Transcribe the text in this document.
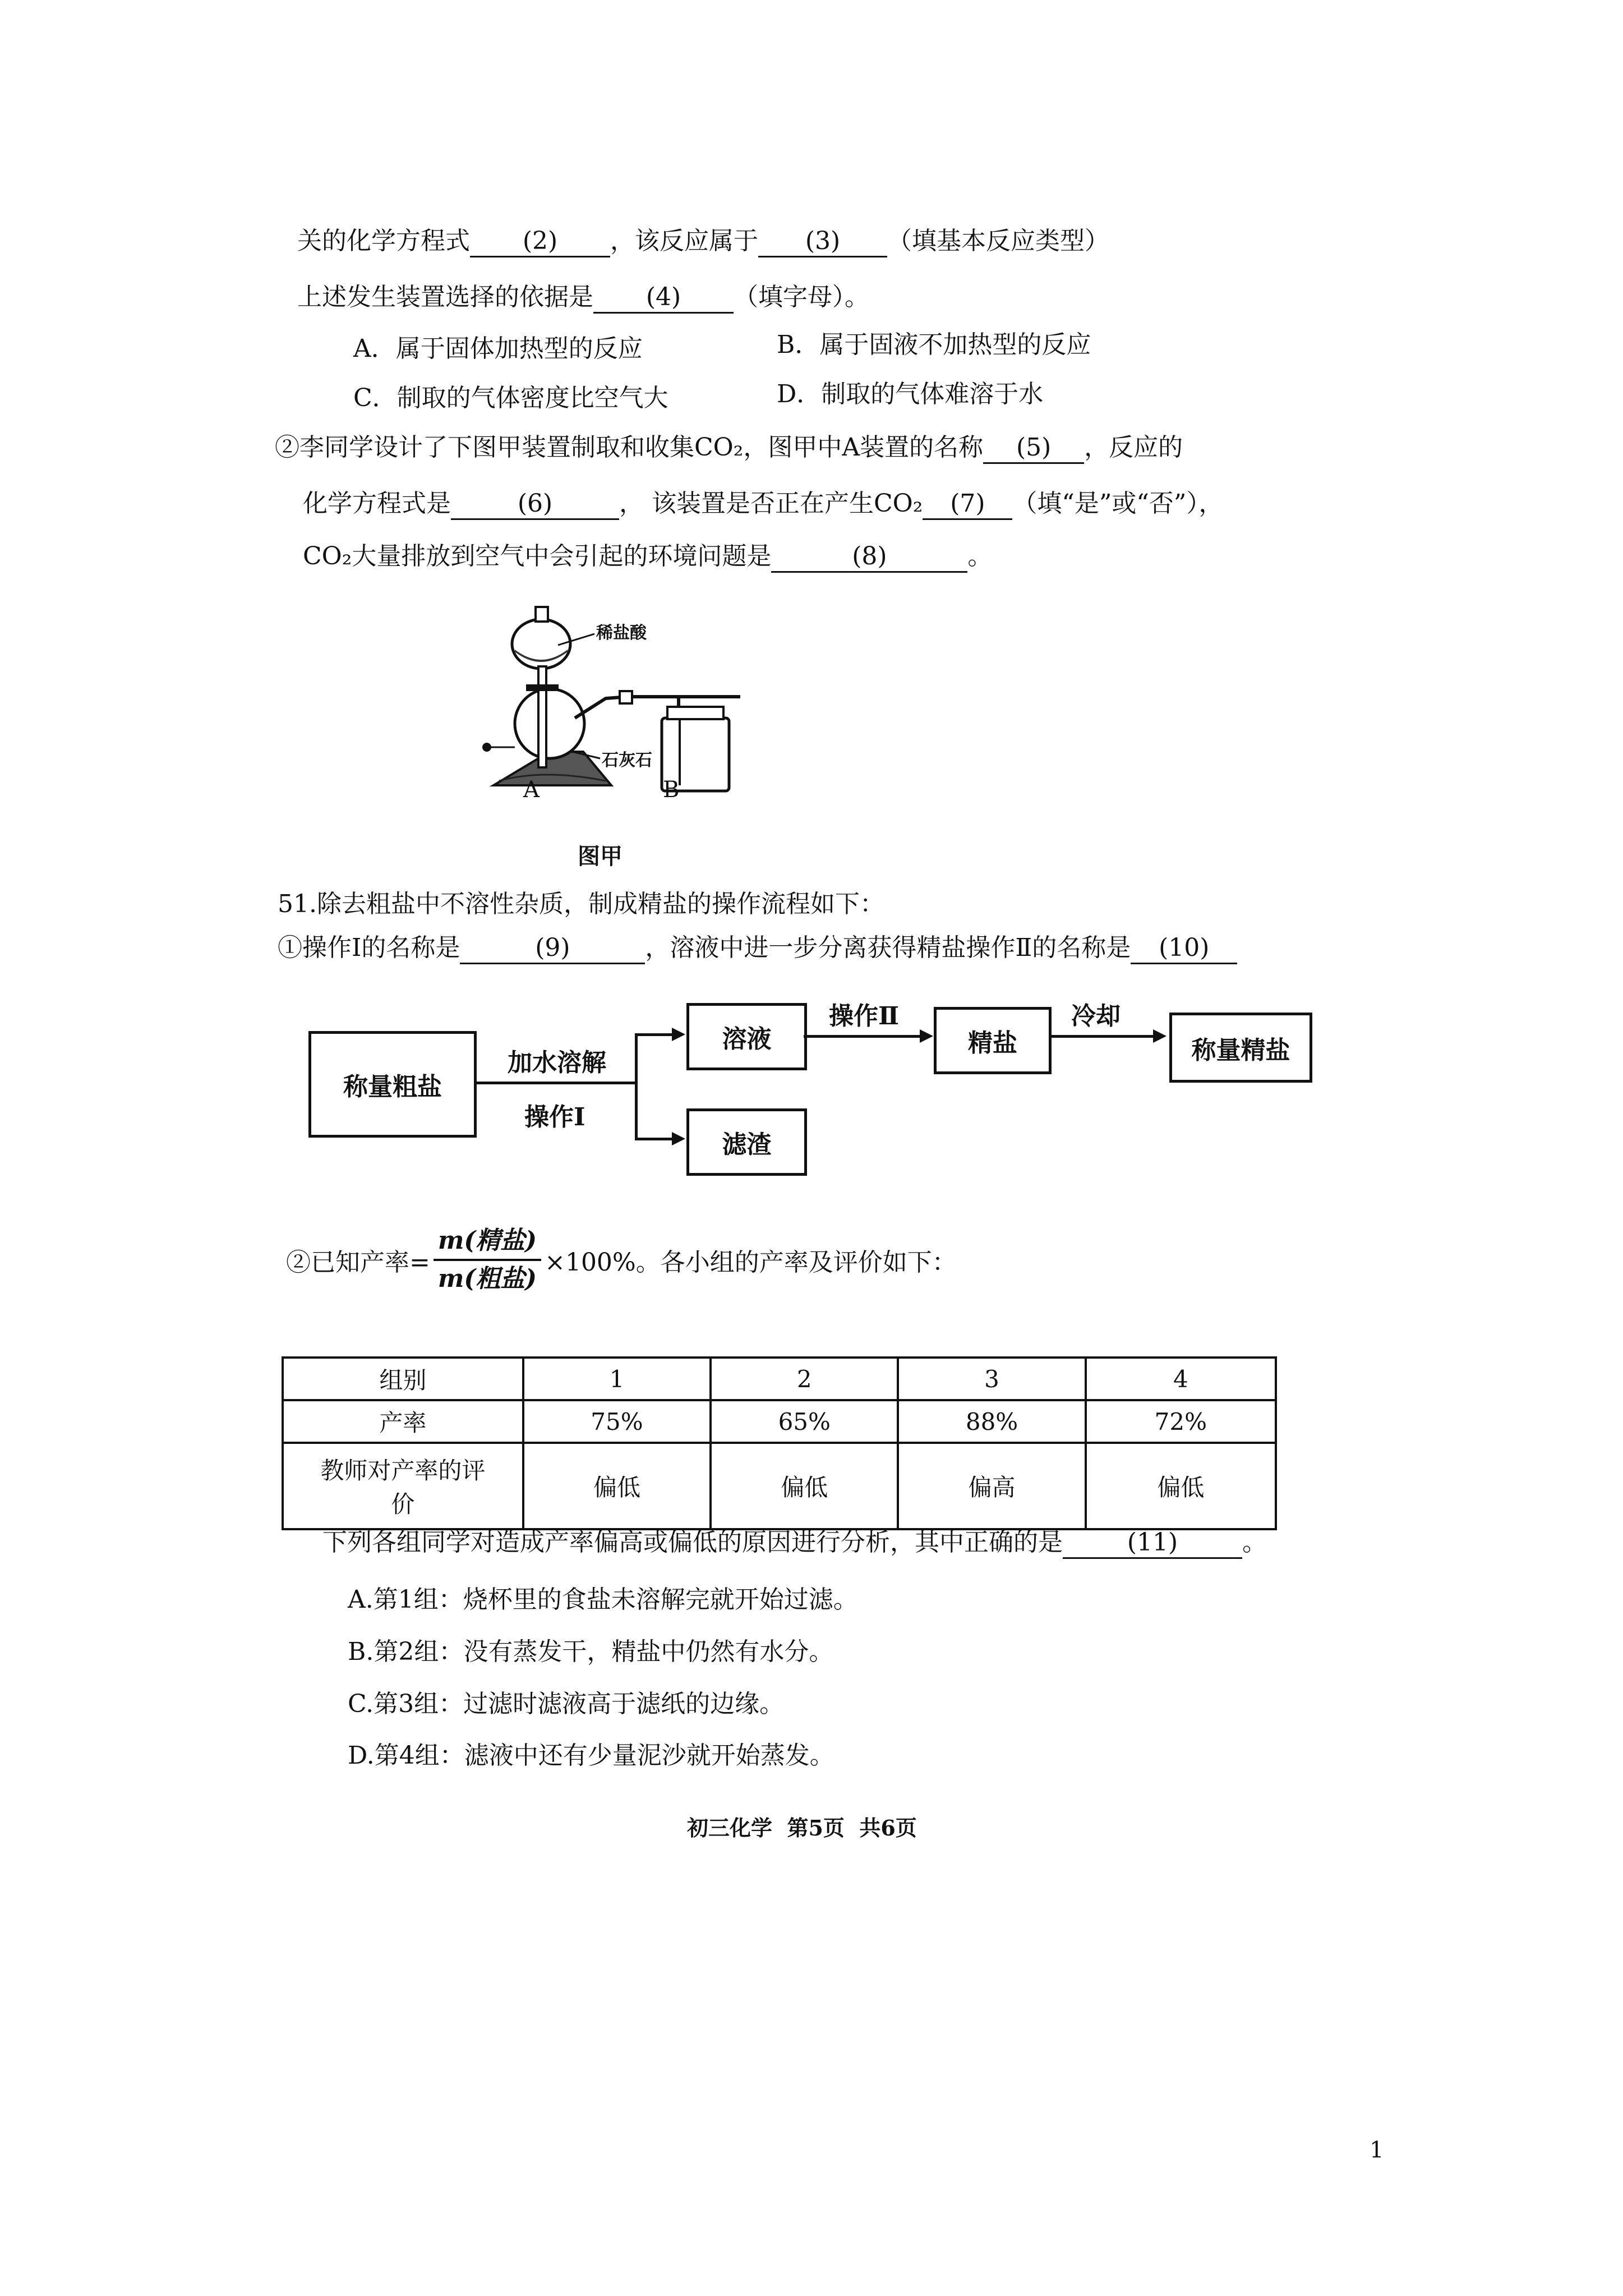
关的化学方程式 (2) ，该反应属于 (3) （填基本反应类型）
上述发生装置选择的依据是 (4) （填字母）。
A．属于固体加热型的反应	B．属于固液不加热型的反应
C．制取的气体密度比空气大	D．制取的气体难溶于水
②李同学设计了下图甲装置制取和收集CO₂，图甲中A装置的名称 (5) ，反应的
化学方程式是	(6)	， 该装置是否正在产生CO₂ (7) （填“是”或“否”），
CO₂大量排放到空气中会引起的环境问题是	(8)	。
稀盐酸
石灰石
A	B
图甲
51.除去粗盐中不溶性杂质，制成精盐的操作流程如下：
①操作Ⅰ的名称是	(9)	，溶液中进一步分离获得精盐操作Ⅱ的名称是 (10)
称量粗盐
加水溶解
操作Ⅰ
溶液
滤渣
操作Ⅱ
精盐
冷却
称量精盐
②已知产率= $\frac{\text{m(精盐)}}{\text{m(粗盐)}} \times 100\%$。各小组的产率及评价如下：
组别	1	2	3	4
产率	75%	65%	88%	72%

教师对产率的评
价	偏低	偏低	偏高	偏低
下列各组同学对造成产率偏高或偏低的原因进行分析，其中正确的是	(11)	。
A.第1组：烧杯里的食盐未溶解完就开始过滤。
B.第2组：没有蒸发干，精盐中仍然有水分。
C.第3组：过滤时滤液高于滤纸的边缘。
D.第4组：滤液中还有少量泥沙就开始蒸发。
初三化学  第5页  共6页
1
